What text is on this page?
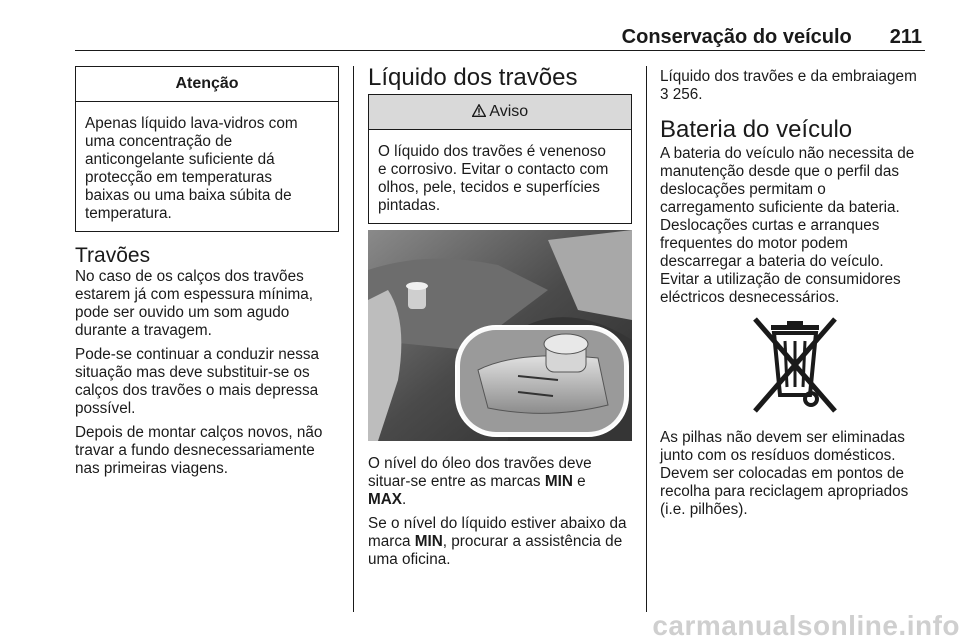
Conservação do veículo 211
Atenção
Apenas líquido lava-vidros com
uma concentração de
anticongelante suficiente dá
protecção em temperaturas
baixas ou uma baixa súbita de
temperatura.
Travões

No caso de os calços dos travões
estarem já com espessura mínima,
pode ser ouvido um som agudo
durante a travagem.

Pode-se continuar a conduzir nessa
situação mas deve substituir-se os
calços dos travões o mais depressa
possível.

Depois de montar calços novos, não
travar a fundo desnecessariamente
nas primeiras viagens.

Líquido dos travões
Aviso
O líquido dos travões é venenoso
e corrosivo. Evitar o contacto com
olhos, pele, tecidos e superfícies
pintadas.

O nível do óleo dos travões deve
situar-se entre as marcas MIN e
MAX.

Se o nível do líquido estiver abaixo da
marca MIN, procurar a assistência de
uma oficina.

Líquido dos travões e da embraiagem
3 256.
Bateria do veículo

A bateria do veículo não necessita de
manutenção desde que o perfil das
deslocações permitam o
carregamento suficiente da bateria.
Deslocações curtas e arranques
frequentes do motor podem
descarregar a bateria do veículo.
Evitar a utilização de consumidores
eléctricos desnecessários.

As pilhas não devem ser eliminadas
junto com os resíduos domésticos.
Devem ser colocadas em pontos de
recolha para reciclagem apropriados
(i.e. pilhões).

carmanualsonline.info
